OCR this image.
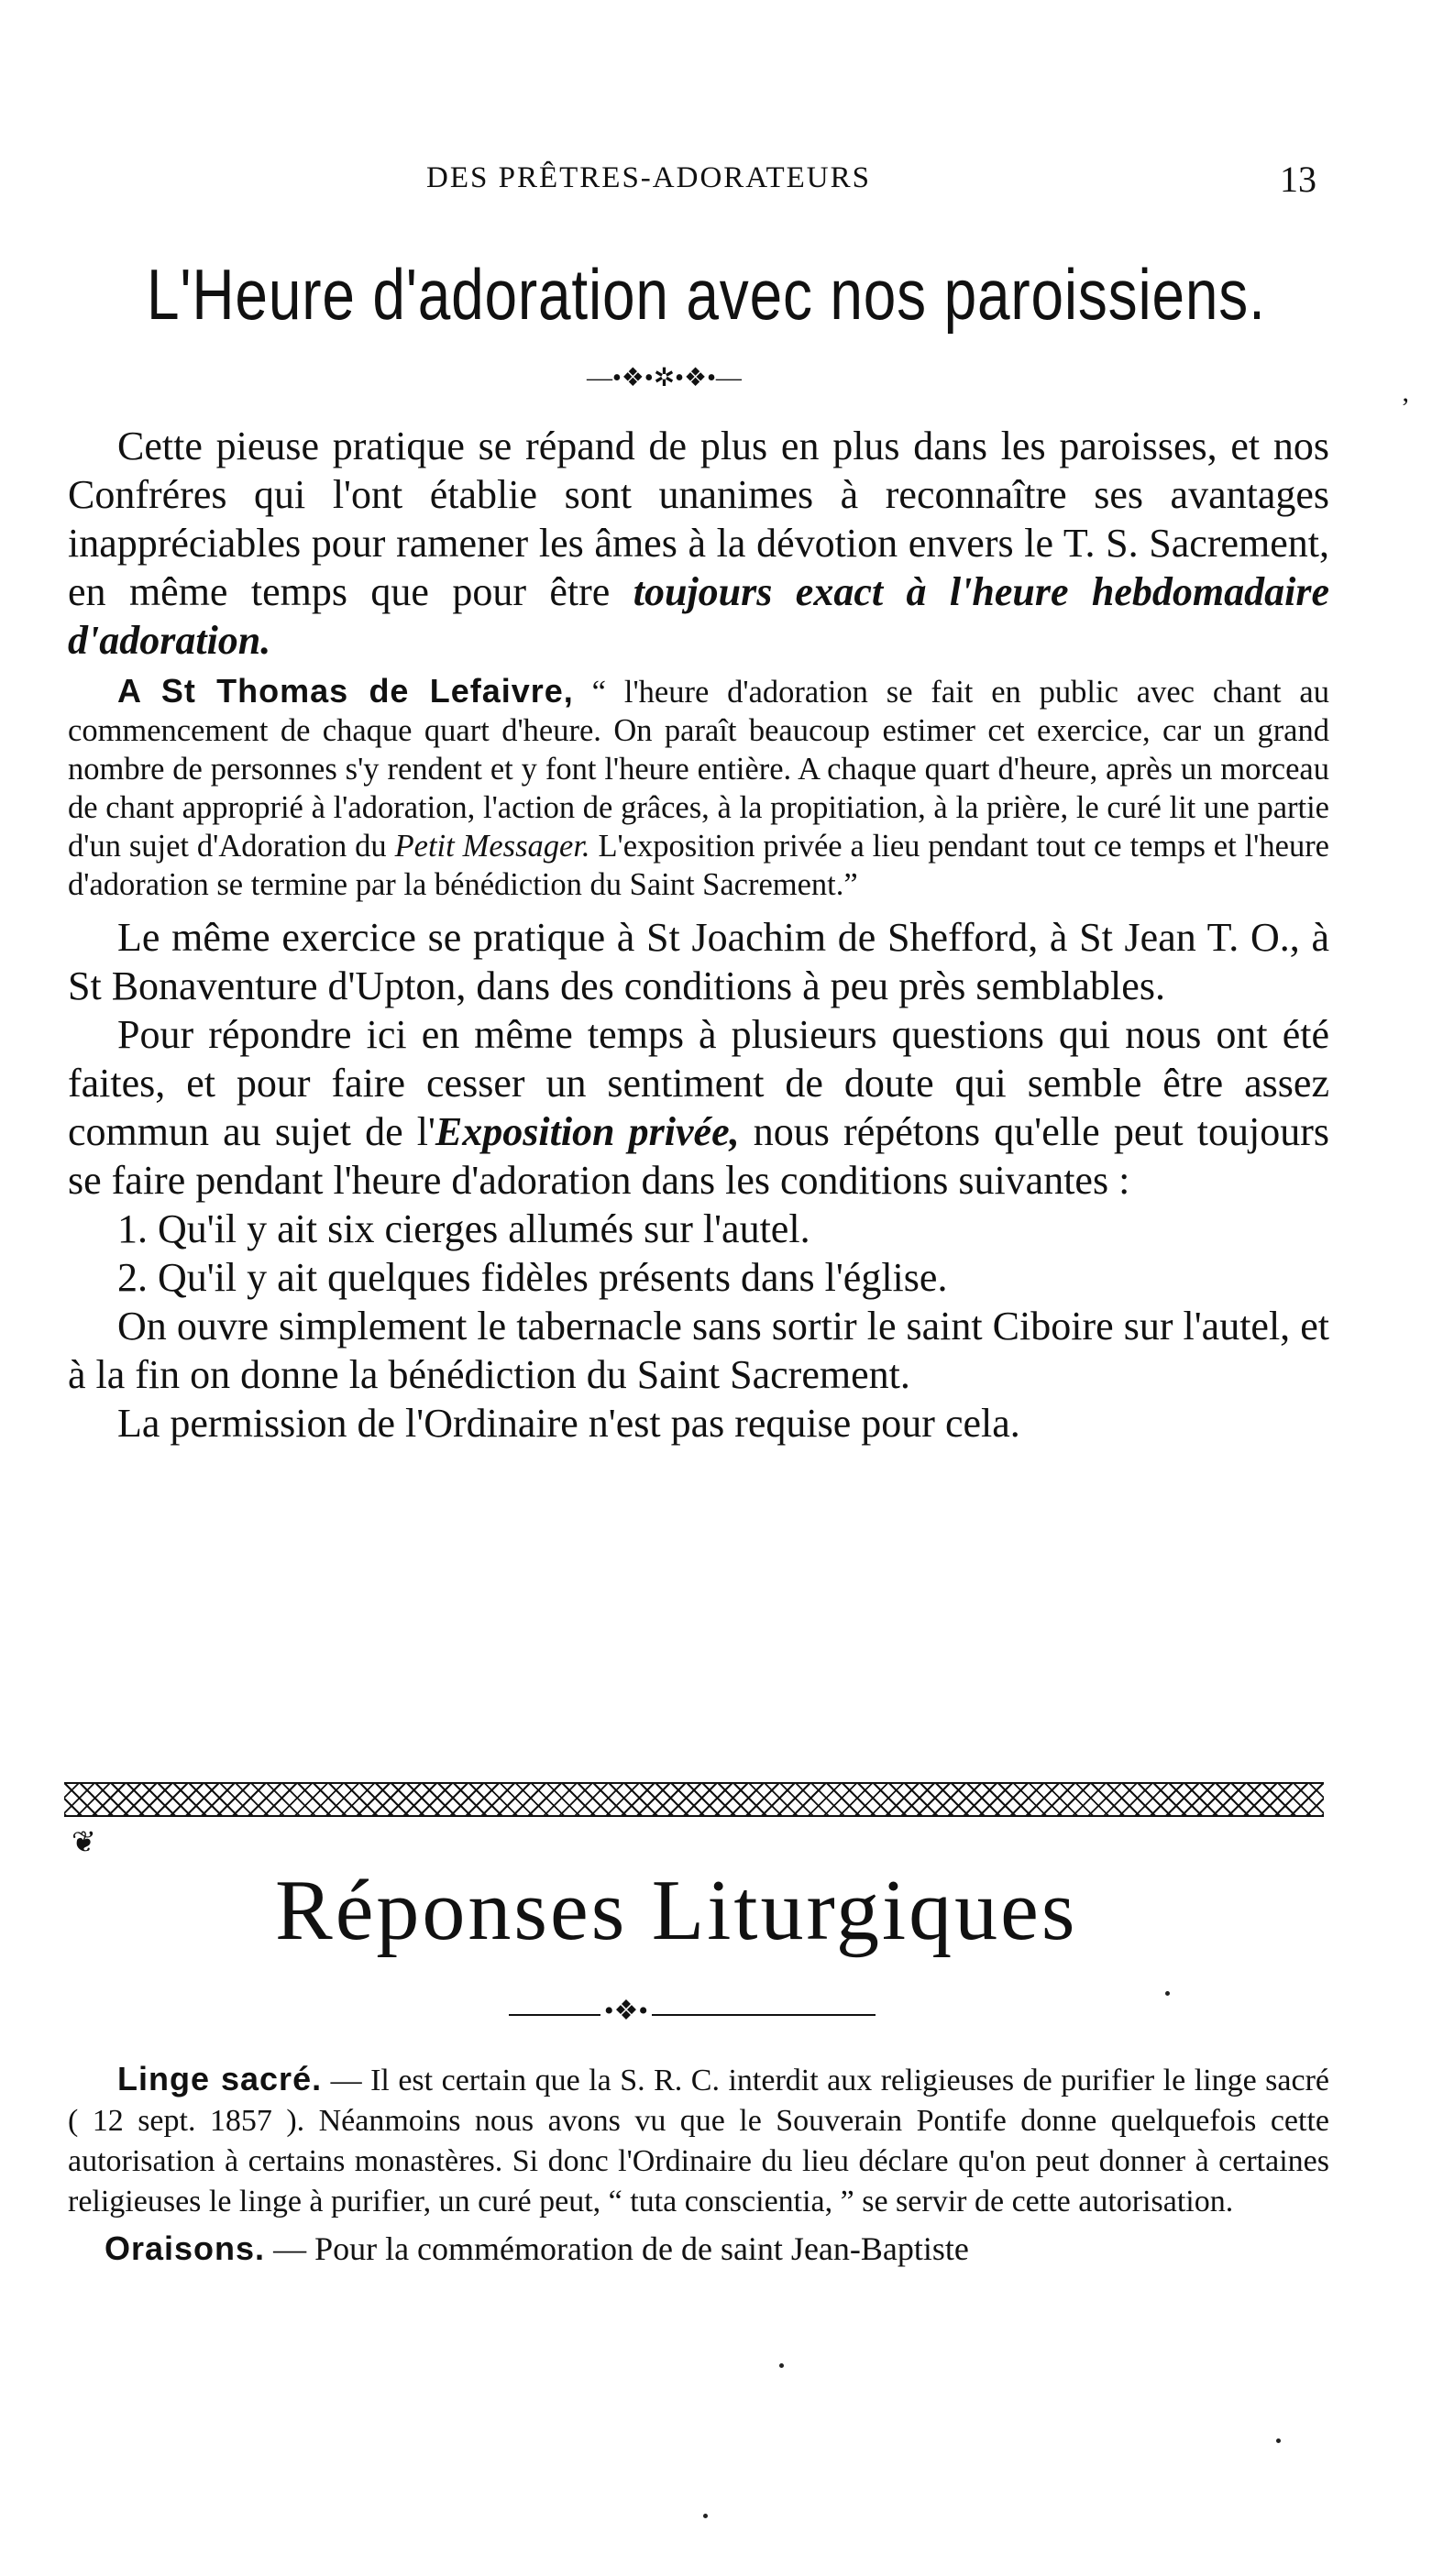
DES PRÊTRES-ADORATEURS	13
L'Heure d'adoration avec nos paroissiens.
—•❖•✲•❖•—
’

Cette pieuse pratique se répand de plus en plus dans les paroisses, et nos Confréres qui l'ont établie sont unanimes à reconnaître ses avantages inappréciables pour ramener les âmes à la dévotion envers le T. S. Sacrement, en même temps que pour être toujours exact à l'heure hebdomadaire d'adoration.

A St Thomas de Lefaivre, “ l'heure d'adoration se fait en public avec chant au commencement de chaque quart d'heure. On paraît beaucoup estimer cet exercice, car un grand nombre de personnes s'y rendent et y font l'heure entière. A chaque quart d'heure, après un morceau de chant approprié à l'adoration, l'action de grâces, à la propitiation, à la prière, le curé lit une partie d'un sujet d'Adoration du Petit Messager. L'exposition privée a lieu pendant tout ce temps et l'heure d'adoration se termine par la bénédiction du Saint Sacrement.”

Le même exercice se pratique à St Joachim de Shefford, à St Jean T. O., à St Bonaventure d'Upton, dans des conditions à peu près semblables.

Pour répondre ici en même temps à plusieurs questions qui nous ont été faites, et pour faire cesser un sentiment de doute qui semble être assez commun au sujet de l'Exposition privée, nous répétons qu'elle peut toujours se faire pendant l'heure d'adoration dans les conditions suivantes :

1. Qu'il y ait six cierges allumés sur l'autel.

2. Qu'il y ait quelques fidèles présents dans l'église.

On ouvre simplement le tabernacle sans sortir le saint Ciboire sur l'autel, et à la fin on donne la bénédiction du Saint Sacrement.

La permission de l'Ordinaire n'est pas requise pour cela.

❦
Réponses Liturgiques
•❖•

Linge sacré. — Il est certain que la S. R. C. interdit aux religieuses de purifier le linge sacré ( 12 sept. 1857 ). Néanmoins nous avons vu que le Souverain Pontife donne quelquefois cette autorisation à certains monastères. Si donc l'Ordinaire du lieu déclare qu'on peut donner à certaines religieuses le linge à purifier, un curé peut, “ tuta conscientia, ” se servir de cette autorisation.

Oraisons. — Pour la commémoration de de saint Jean-Baptiste
